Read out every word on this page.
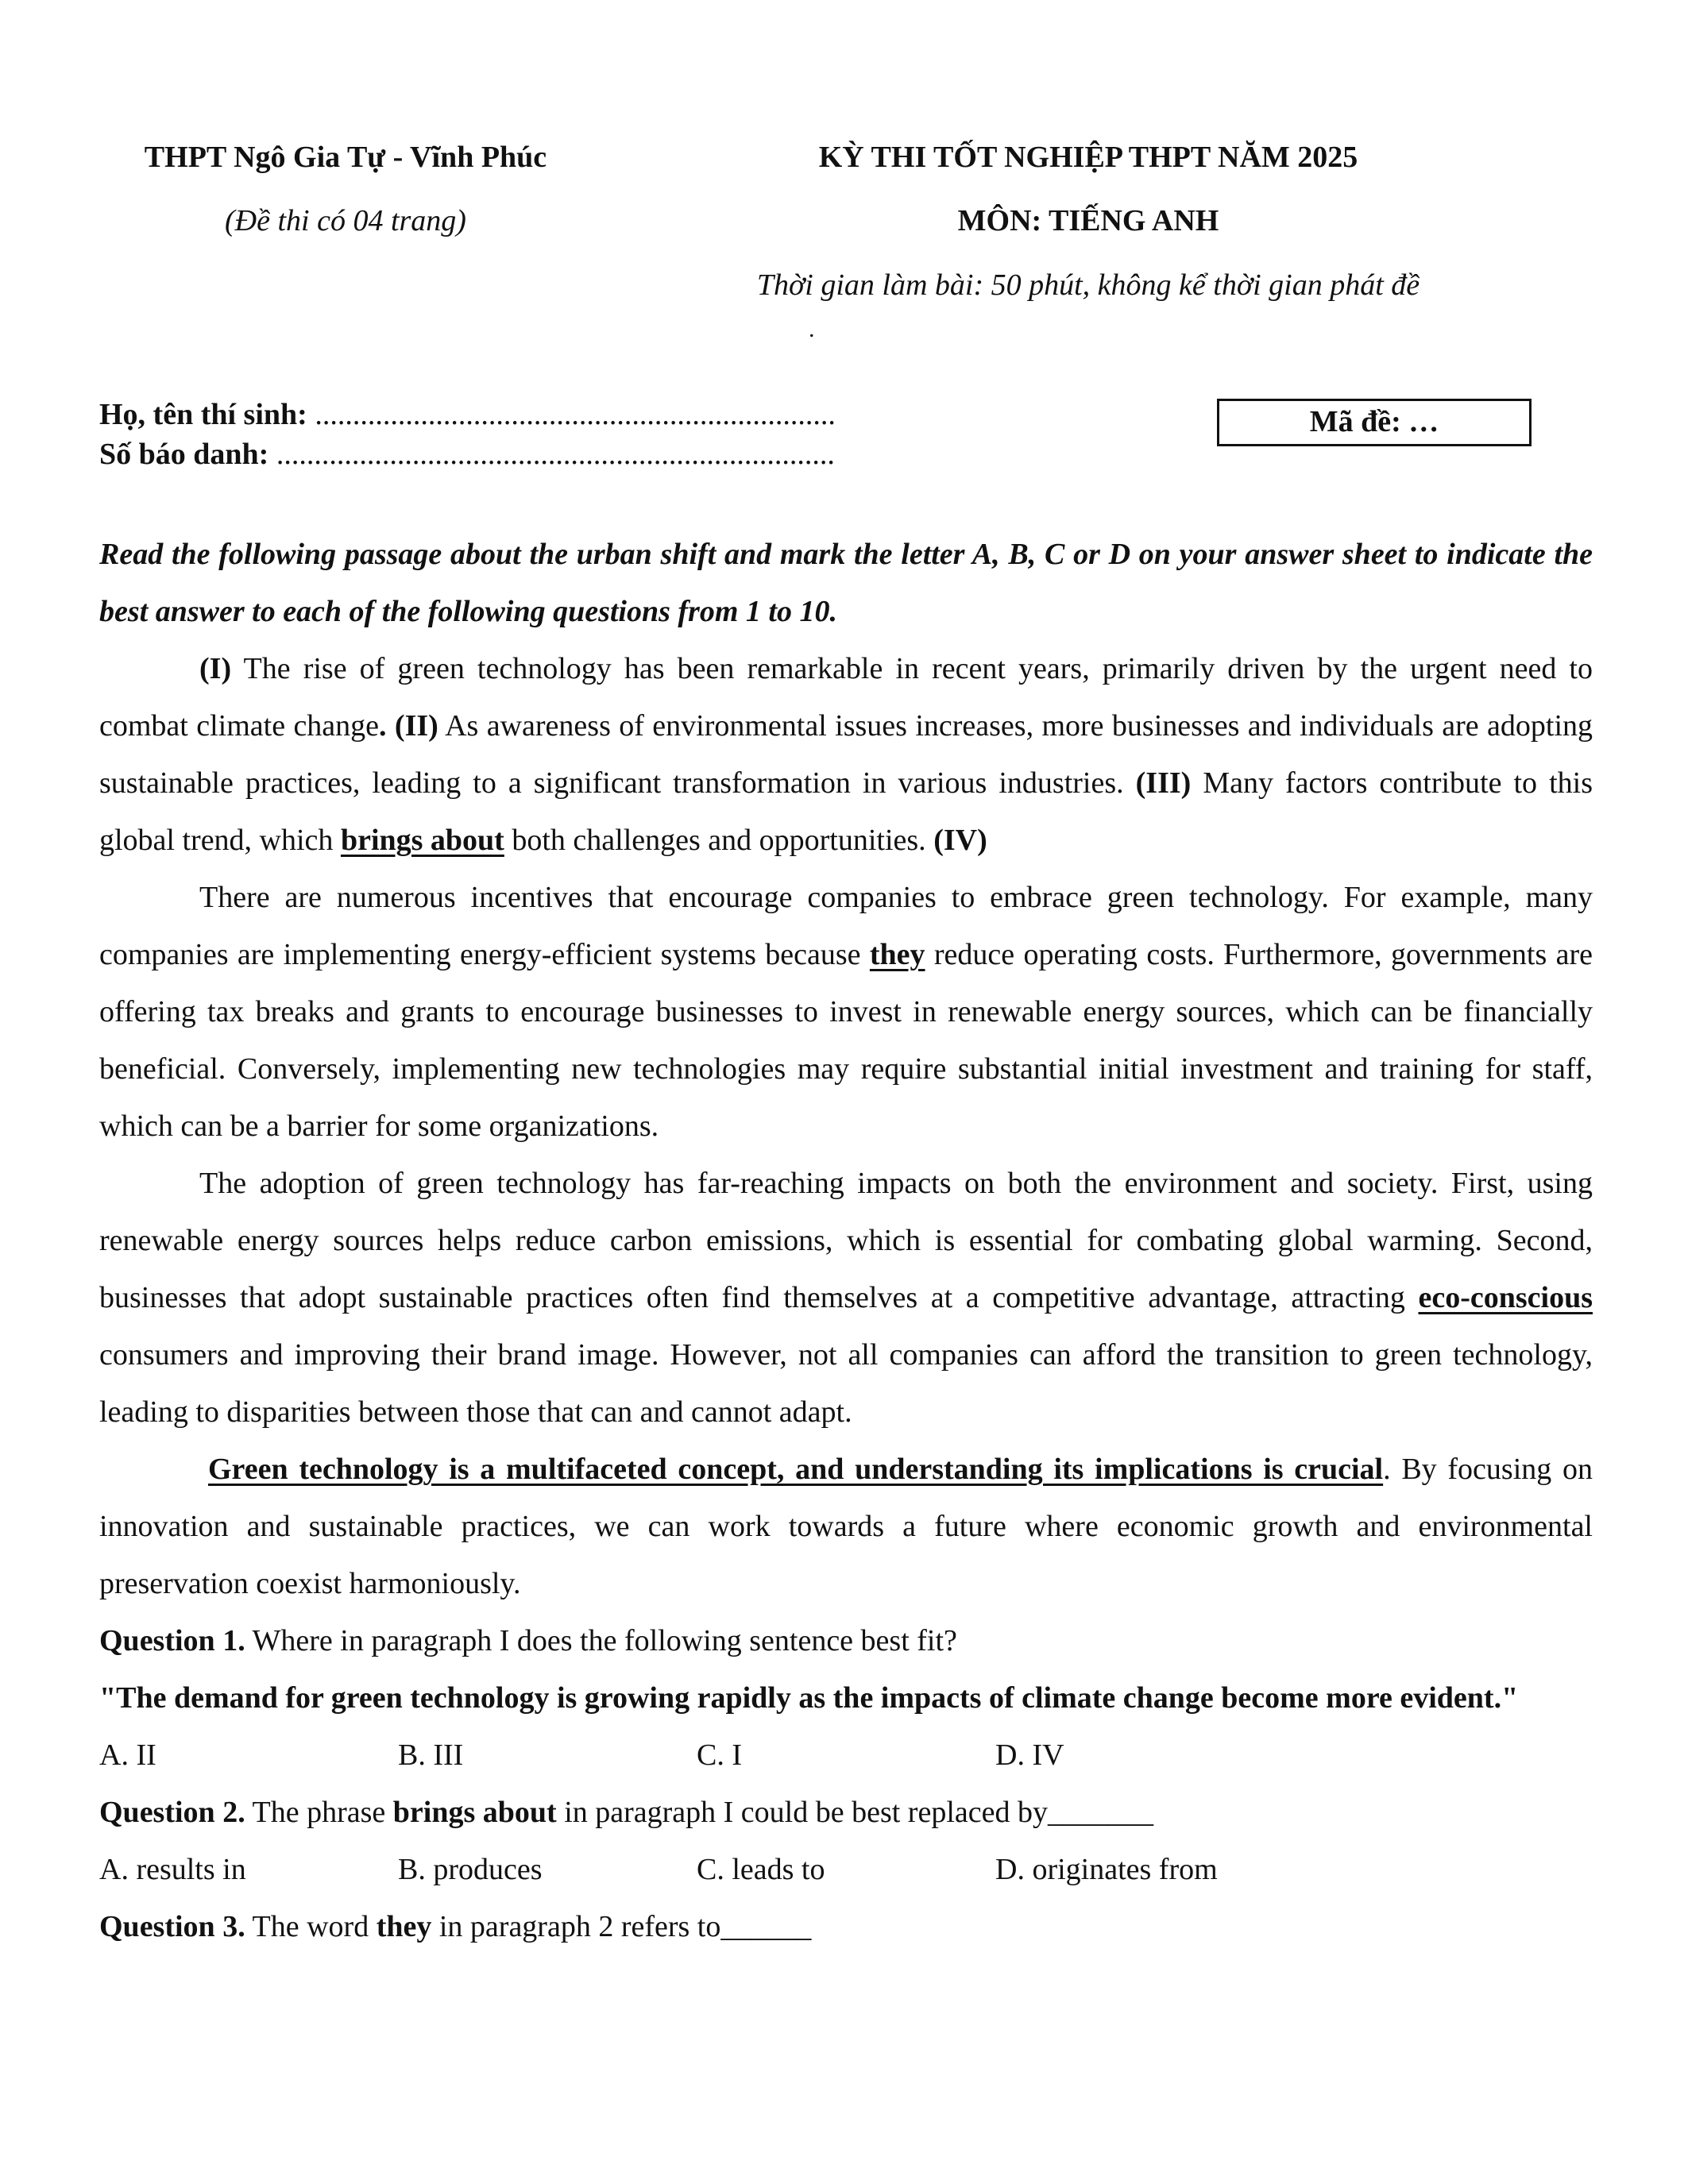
THPT Ngô Gia Tự - Vĩnh Phúc
(Đề thi có 04 trang)
KỲ THI TỐT NGHIỆP THPT NĂM 2025
MÔN: TIẾNG ANH
Thời gian làm bài: 50 phút, không kể thời gian phát đề
.
Họ, tên thí sinh: .....................................................................
Số báo danh: ..........................................................................
Mã đề: …

Read the following passage about the urban shift and mark the letter A, B, C or D on your answer sheet to indicate the best answer to each of the following questions from 1 to 10.

(I) The rise of green technology has been remarkable in recent years, primarily driven by the urgent need to combat climate change. (II) As awareness of environmental issues increases, more businesses and individuals are adopting sustainable practices, leading to a significant transformation in various industries. (III) Many factors contribute to this global trend, which brings about both challenges and opportunities. (IV)

There are numerous incentives that encourage companies to embrace green technology. For example, many companies are implementing energy-efficient systems because they reduce operating costs. Furthermore, governments are offering tax breaks and grants to encourage businesses to invest in renewable energy sources, which can be financially beneficial. Conversely, implementing new technologies may require substantial initial investment and training for staff, which can be a barrier for some organizations.

The adoption of green technology has far-reaching impacts on both the environment and society. First, using renewable energy sources helps reduce carbon emissions, which is essential for combating global warming. Second, businesses that adopt sustainable practices often find themselves at a competitive advantage, attracting eco-conscious consumers and improving their brand image. However, not all companies can afford the transition to green technology, leading to disparities between those that can and cannot adapt.

Green technology is a multifaceted concept, and understanding its implications is crucial. By focusing on innovation and sustainable practices, we can work towards a future where economic growth and environmental preservation coexist harmoniously.

Question 1. Where in paragraph I does the following sentence best fit?

"The demand for green technology is growing rapidly as the impacts of climate change become more evident."

A. II	B. III	C. I	D. IV

Question 2. The phrase brings about in paragraph I could be best replaced by_______

A. results in	B. produces	C. leads to	D. originates from

Question 3. The word they in paragraph 2 refers to______
